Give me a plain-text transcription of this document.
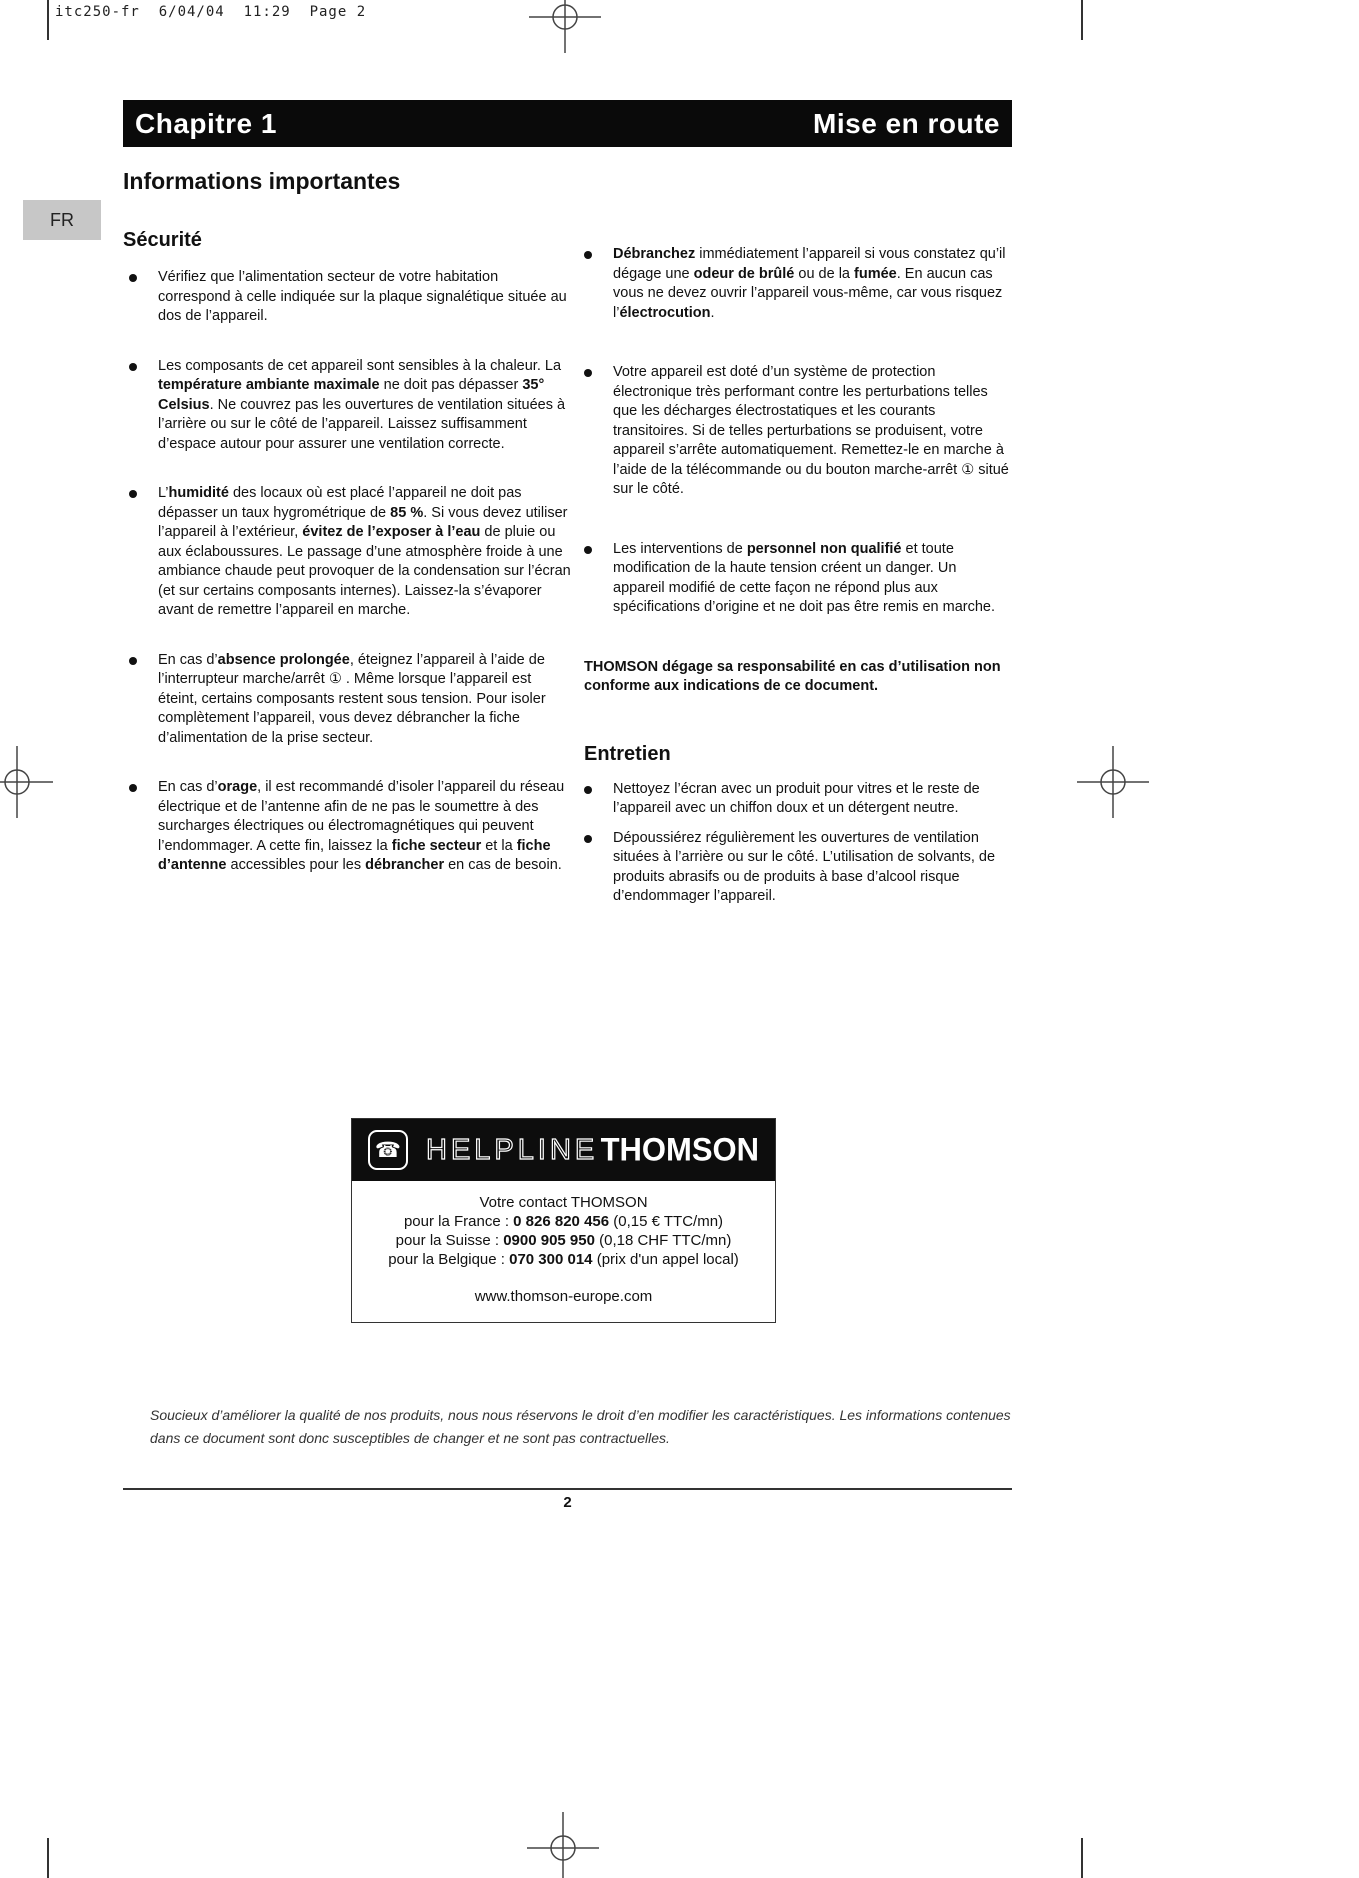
itc250-fr  6/04/04  11:29  Page 2
FR
Chapitre 1	Mise en route
Informations importantes
Sécurité
Vérifiez que l’alimentation secteur de votre habitation correspond à celle indiquée sur la plaque signalétique située au dos de l’appareil.
Les composants de cet appareil sont sensibles à la chaleur. La température ambiante maximale ne doit pas dépasser 35° Celsius. Ne couvrez pas les ouvertures de ventilation situées à l’arrière ou sur le côté de l’appareil. Laissez suffisamment d’espace autour pour assurer une ventilation correcte.
L’humidité des locaux où est placé l’appareil ne doit pas dépasser un taux hygrométrique de 85 %. Si vous devez utiliser l’appareil à l’extérieur, évitez de l’exposer à l’eau de pluie ou aux éclaboussures. Le passage d’une atmosphère froide à une ambiance chaude peut provoquer de la condensation sur l’écran (et sur certains composants internes). Laissez-la s’évaporer avant de remettre l’appareil en marche.
En cas d’absence prolongée, éteignez l’appareil à l’aide de l’interrupteur marche/arrêt ① . Même lorsque l’appareil est éteint, certains composants restent sous tension. Pour isoler complètement l’appareil, vous devez débrancher la fiche d’alimentation de la prise secteur.
En cas d’orage, il est recommandé d’isoler l’appareil du réseau électrique et de l’antenne afin de ne pas le soumettre à des surcharges électriques ou électromagnétiques qui peuvent l’endommager. A cette fin, laissez la fiche secteur et la fiche d’antenne accessibles pour les débrancher en cas de besoin.
Débranchez immédiatement l’appareil si vous constatez qu’il dégage une odeur de brûlé ou de la fumée. En aucun cas vous ne devez ouvrir l’appareil vous-même, car vous risquez l’électrocution.
Votre appareil est doté d’un système de protection électronique très performant contre les perturbations telles que les décharges électrostatiques et les courants transitoires. Si de telles perturbations se produisent, votre appareil s’arrête automatiquement. Remettez-le en marche à l’aide de la télécommande ou du bouton marche-arrêt ① situé sur le côté.
Les interventions de personnel non qualifié et toute modification de la haute tension créent un danger. Un appareil modifié de cette façon ne répond plus aux spécifications d’origine et ne doit pas être remis en marche.
THOMSON dégage sa responsabilité en cas d’utilisation non conforme aux indications de ce document.
Entretien
Nettoyez l’écran avec un produit pour vitres et le reste de l’appareil avec un chiffon doux et un détergent neutre.
Dépoussiérez régulièrement les ouvertures de ventilation situées à l’arrière ou sur le côté. L’utilisation de solvants, de produits abrasifs ou de produits à base d’alcool risque d’endommager l’appareil.
☎ HELPLINE THOMSON
Votre contact THOMSON
pour la France : 0 826 820 456 (0,15 € TTC/mn)
pour la Suisse : 0900 905 950 (0,18 CHF TTC/mn)
pour la Belgique : 070 300 014 (prix d'un appel local)
www.thomson-europe.com
Soucieux d’améliorer la qualité de nos produits, nous nous réservons le droit d’en modifier les caractéristiques. Les informations contenues dans ce document sont donc susceptibles de changer et ne sont pas contractuelles.
2
